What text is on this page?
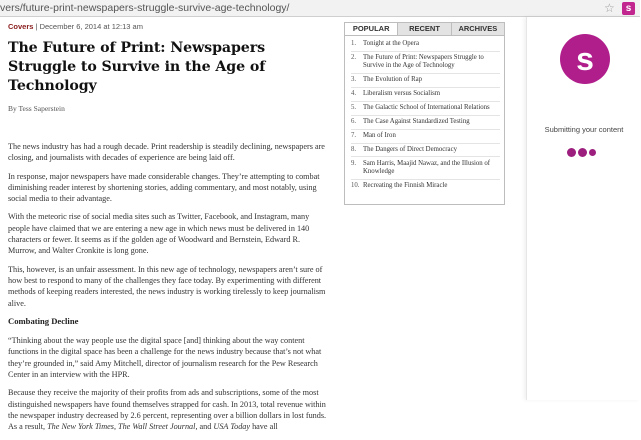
vers/future-print-newspapers-struggle-survive-age-technology/	☆	s
Covers | December 6, 2014 at 12:13 am
The Future of Print: Newspapers Struggle to Survive in the Age of Technology
By Tess Saperstein

The news industry has had a rough decade. Print readership is steadily declining, newspapers are closing, and journalists with decades of experience are being laid off.

In response, major newspapers have made considerable changes. They’re attempting to combat diminishing reader interest by shortening stories, adding commentary, and most notably, using social media to their advantage.

With the meteoric rise of social media sites such as Twitter, Facebook, and Instagram, many people have claimed that we are entering a new age in which news must be delivered in 140 characters or fewer. It seems as if the golden age of Woodward and Bernstein, Edward R. Murrow, and Walter Cronkite is long gone.

This, however, is an unfair assessment. In this new age of technology, newspapers aren’t sure of how best to respond to many of the challenges they face today. By experimenting with different methods of keeping readers interested, the news industry is working tirelessly to keep journalism alive.

Combating Decline

“Thinking about the way people use the digital space [and] thinking about the way content functions in the digital space has been a challenge for the news industry because that’s not what they’re grounded in,” said Amy Mitchell, director of journalism research for the Pew Research Center in an interview with the HPR.

Because they receive the majority of their profits from ads and subscriptions, some of the most distinguished newspapers have found themselves strapped for cash. In 2013, total revenue within the newspaper industry decreased by 2.6 percent, representing over a billion dollars in lost funds. As a result, The New York Times, The Wall Street Journal, and USA Today have all

POPULAR	RECENT	ARCHIVES
1.	Tonight at the Opera
2.	The Future of Print: Newspapers Struggle to Survive in the Age of Technology
3.	The Evolution of Rap
4.	Liberalism versus Socialism
5.	The Galactic School of International Relations
6.	The Case Against Standardized Testing
7.	Man of Iron
8.	The Dangers of Direct Democracy
9.	Sam Harris, Maajid Nawaz, and the Illusion of Knowledge
10. Recreating the Finnish Miracle
s
Submitting your content
